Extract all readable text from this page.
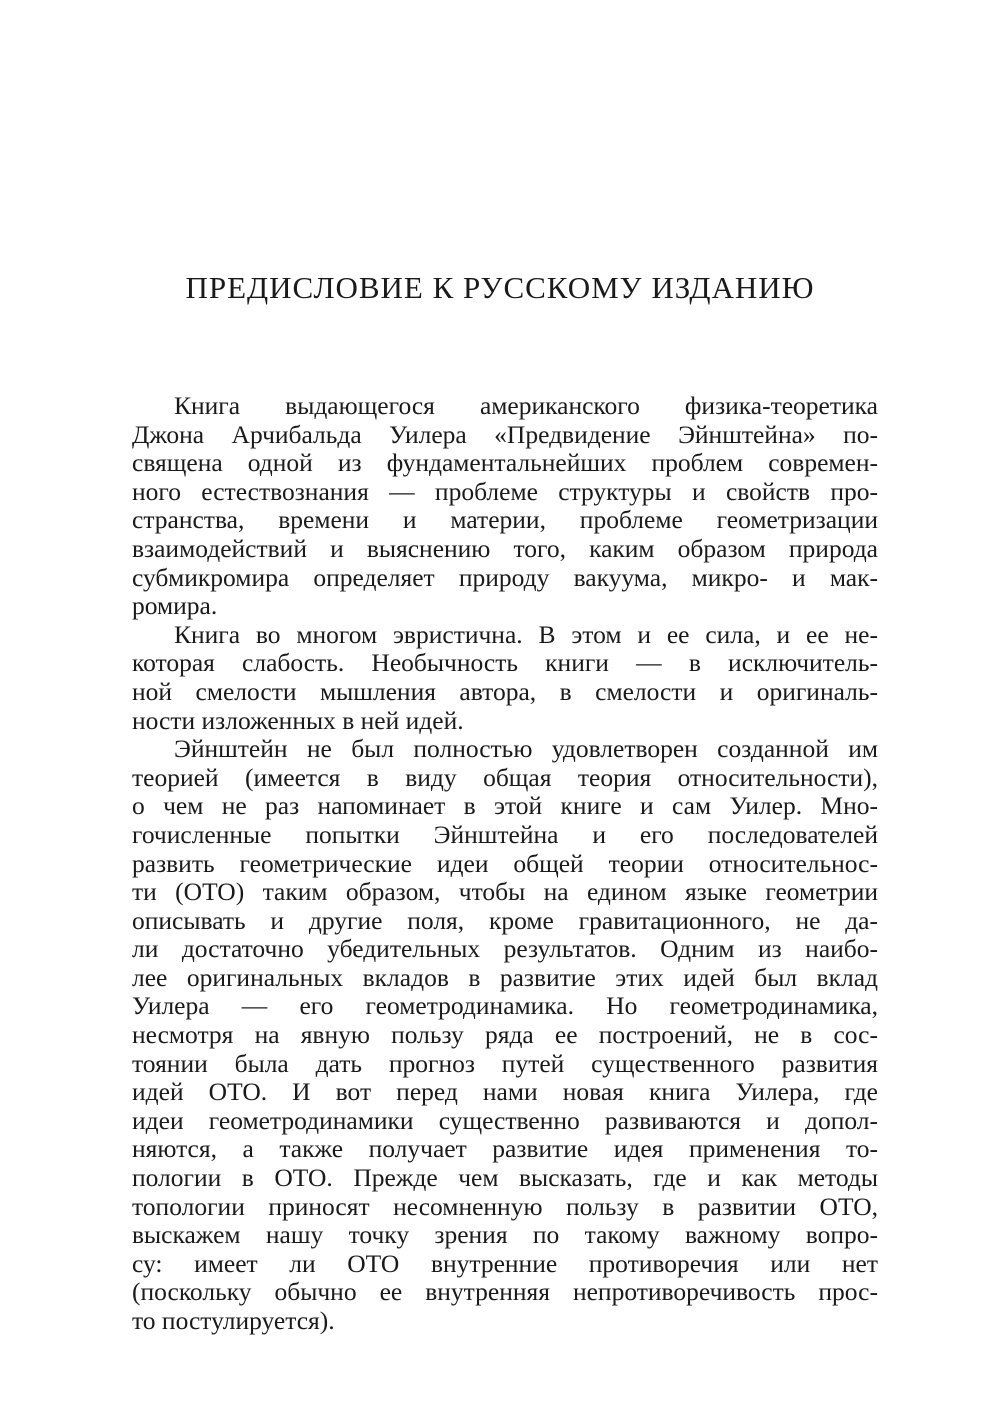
ПРЕДИСЛОВИЕ К РУССКОМУ ИЗДАНИЮ
Книга выдающегося американского физика-теоретика
Джона Арчибальда Уилера «Предвидение Эйнштейна» по-
священа одной из фундаментальнейших проблем современ-
ного естествознания — проблеме структуры и свойств про-
странства, времени и материи, проблеме геометризации
взаимодействий и выяснению того, каким образом природа
субмикромира определяет природу вакуума, микро- и мак-
ромира.
Книга во многом эвристична. В этом и ее сила, и ее не-
которая слабость. Необычность книги — в исключитель-
ной смелости мышления автора, в смелости и оригиналь-
ности изложенных в ней идей.
Эйнштейн не был полностью удовлетворен созданной им
теорией (имеется в виду общая теория относительности),
о чем не раз напоминает в этой книге и сам Уилер. Мно-
гочисленные попытки Эйнштейна и его последователей
развить геометрические идеи общей теории относительнос-
ти (ОТО) таким образом, чтобы на едином языке геометрии
описывать и другие поля, кроме гравитационного, не да-
ли достаточно убедительных результатов. Одним из наибо-
лее оригинальных вкладов в развитие этих идей был вклад
Уилера — его геометродинамика. Но геометродинамика,
несмотря на явную пользу ряда ее построений, не в сос-
тоянии была дать прогноз путей существенного развития
идей ОТО. И вот перед нами новая книга Уилера, где
идеи геометродинамики существенно развиваются и допол-
няются, а также получает развитие идея применения то-
пологии в ОТО. Прежде чем высказать, где и как методы
топологии приносят несомненную пользу в развитии ОТО,
выскажем нашу точку зрения по такому важному вопро-
су: имеет ли ОТО внутренние противоречия или нет
(поскольку обычно ее внутренняя непротиворечивость прос-
то постулируется).
